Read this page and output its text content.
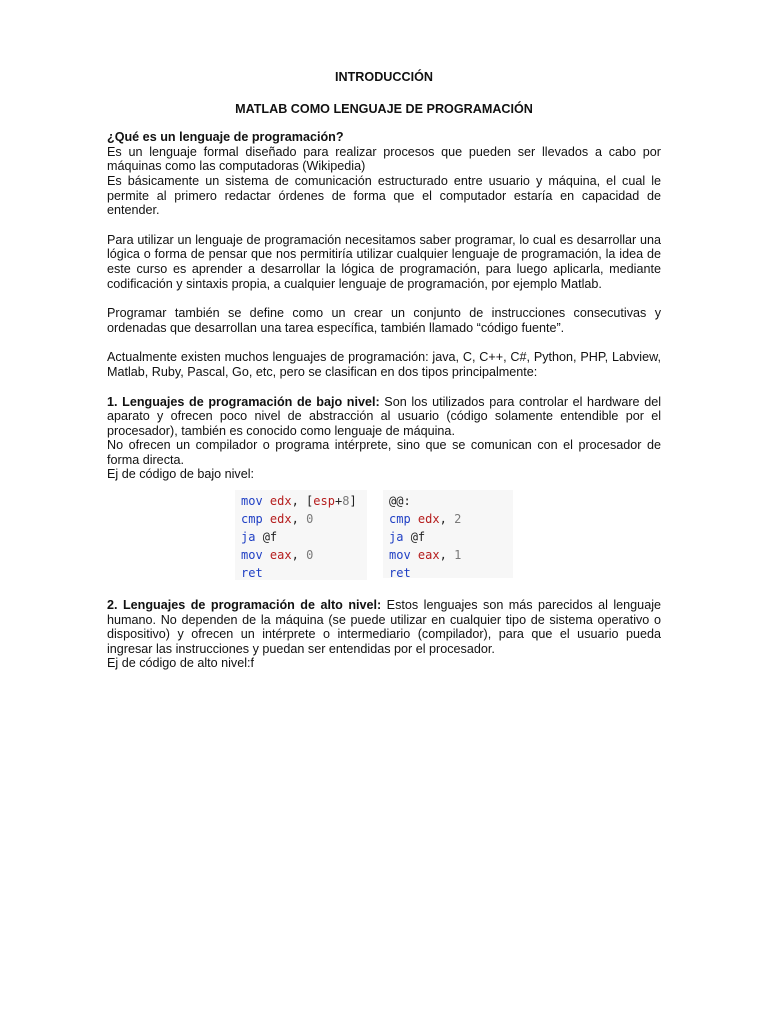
INTRODUCCIÓN
MATLAB COMO LENGUAJE DE PROGRAMACIÓN

¿Qué es un lenguaje de programación?

Es un lenguaje formal diseñado para realizar procesos que pueden ser llevados a cabo por máquinas como las computadoras (Wikipedia)

Es básicamente un sistema de comunicación estructurado entre usuario y máquina, el cual le permite al primero redactar órdenes de forma que el computador estaría en capacidad de entender.

Para utilizar un lenguaje de programación necesitamos saber programar, lo cual es desarrollar una lógica o forma de pensar que nos permitiría utilizar cualquier lenguaje de programación, la idea de este curso es aprender a desarrollar la lógica de programación, para luego aplicarla, mediante codificación y sintaxis propia, a cualquier lenguaje de programación, por ejemplo Matlab.

Programar también se define como un crear un conjunto de instrucciones consecutivas y ordenadas que desarrollan una tarea específica, también llamado “código fuente”.

Actualmente existen muchos lenguajes de programación: java, C, C++, C#, Python, PHP, Labview, Matlab, Ruby, Pascal, Go, etc, pero se clasifican en dos tipos principalmente:

1. Lenguajes de programación de bajo nivel: Son los utilizados para controlar el hardware del aparato y ofrecen poco nivel de abstracción al usuario (código solamente entendible por el procesador), también es conocido como lenguaje de máquina.

No ofrecen un compilador o programa intérprete, sino que se comunican con el procesador de forma directa.

Ej de código de bajo nivel:

mov edx, [esp+8]
cmp edx, 0
ja @f
mov eax, 0
ret
@@:
cmp edx, 2
ja @f
mov eax, 1
ret

2. Lenguajes de programación de alto nivel: Estos lenguajes son más parecidos al lenguaje humano. No dependen de la máquina (se puede utilizar en cualquier tipo de sistema operativo o dispositivo) y ofrecen un intérprete o intermediario (compilador), para que el usuario pueda ingresar las instrucciones y puedan ser entendidas por el procesador.

Ej de código de alto nivel:f
